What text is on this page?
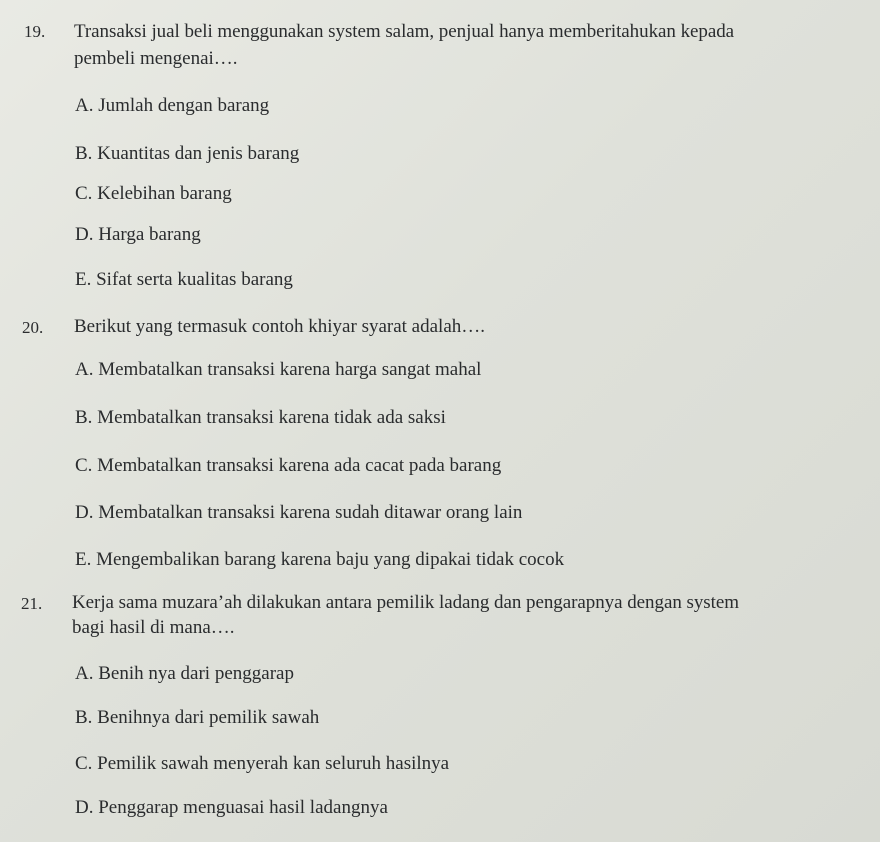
19. Transaksi jual beli menggunakan system salam, penjual hanya memberitahukan kepada
pembeli mengenai….
A. Jumlah dengan barang
B. Kuantitas dan jenis barang
C. Kelebihan barang
D. Harga barang
E. Sifat serta kualitas barang
20. Berikut yang termasuk contoh khiyar syarat adalah….
A. Membatalkan transaksi karena harga sangat mahal
B. Membatalkan transaksi karena tidak ada saksi
C. Membatalkan transaksi karena ada cacat pada barang
D. Membatalkan transaksi karena sudah ditawar orang lain
E. Mengembalikan barang karena baju yang dipakai tidak cocok
21. Kerja sama muzara’ah dilakukan antara pemilik ladang dan pengarapnya dengan system
bagi hasil di mana….
A. Benih nya dari penggarap
B. Benihnya dari pemilik sawah
C. Pemilik sawah menyerah kan seluruh hasilnya
D. Penggarap menguasai hasil ladangnya
